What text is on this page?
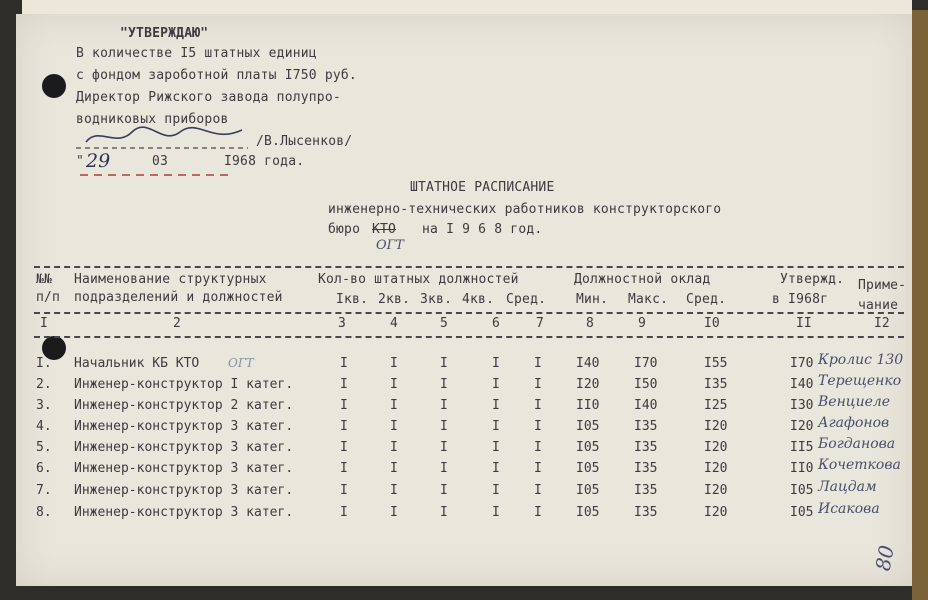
"УТВЕРЖДАЮ"
В количестве I5 штатных единиц
с фондом зароботной платы I750 руб.
Директор Рижского завода полупро-
водниковых приборов
/В.Лысенков/
" 29	03	I968 года.
ШТАТНОЕ РАСПИСАНИЕ
инженерно-технических работников конструкторского
бюро КТО на I 9 6 8 год.
ОГТ
№№
п/п
Наименование структурных
подразделений и должностей
Кол-во штатных должностей
Iкв. 2кв. 3кв. 4кв. Сред.
Должностной оклад
Мин. Макс. Сред.
Утвержд.
в I968г
Приме-
чание
I	2	3	4	5	6	7	8	9	I0	II	I2
I. Начальник КБ КТО	I	I	I	I	I	I40	I70	I55	I70 Кролис 130
2. Инженер-конструктор I катег.	I	I	I	I	I	I20	I50	I35	I40 Терещенко
3. Инженер-конструктор 2 катег.	I	I	I	I	I	II0	I40	I25	I30 Венциеле
4. Инженер-конструктор 3 катег.	I	I	I	I	I	I05	I35	I20	I20 Агафонов
5. Инженер-конструктор 3 катег.	I	I	I	I	I	I05	I35	I20	II5 Богданова
6. Инженер-конструктор 3 катег.	I	I	I	I	I	I05	I35	I20	II0 Кочеткова
7. Инженер-конструктор 3 катег.	I	I	I	I	I	I05	I35	I20	I05 Лацдам
8. Инженер-конструктор 3 катег.	I	I	I	I	I	I05	I35	I20	I05 Исакова
ОГТ
80
